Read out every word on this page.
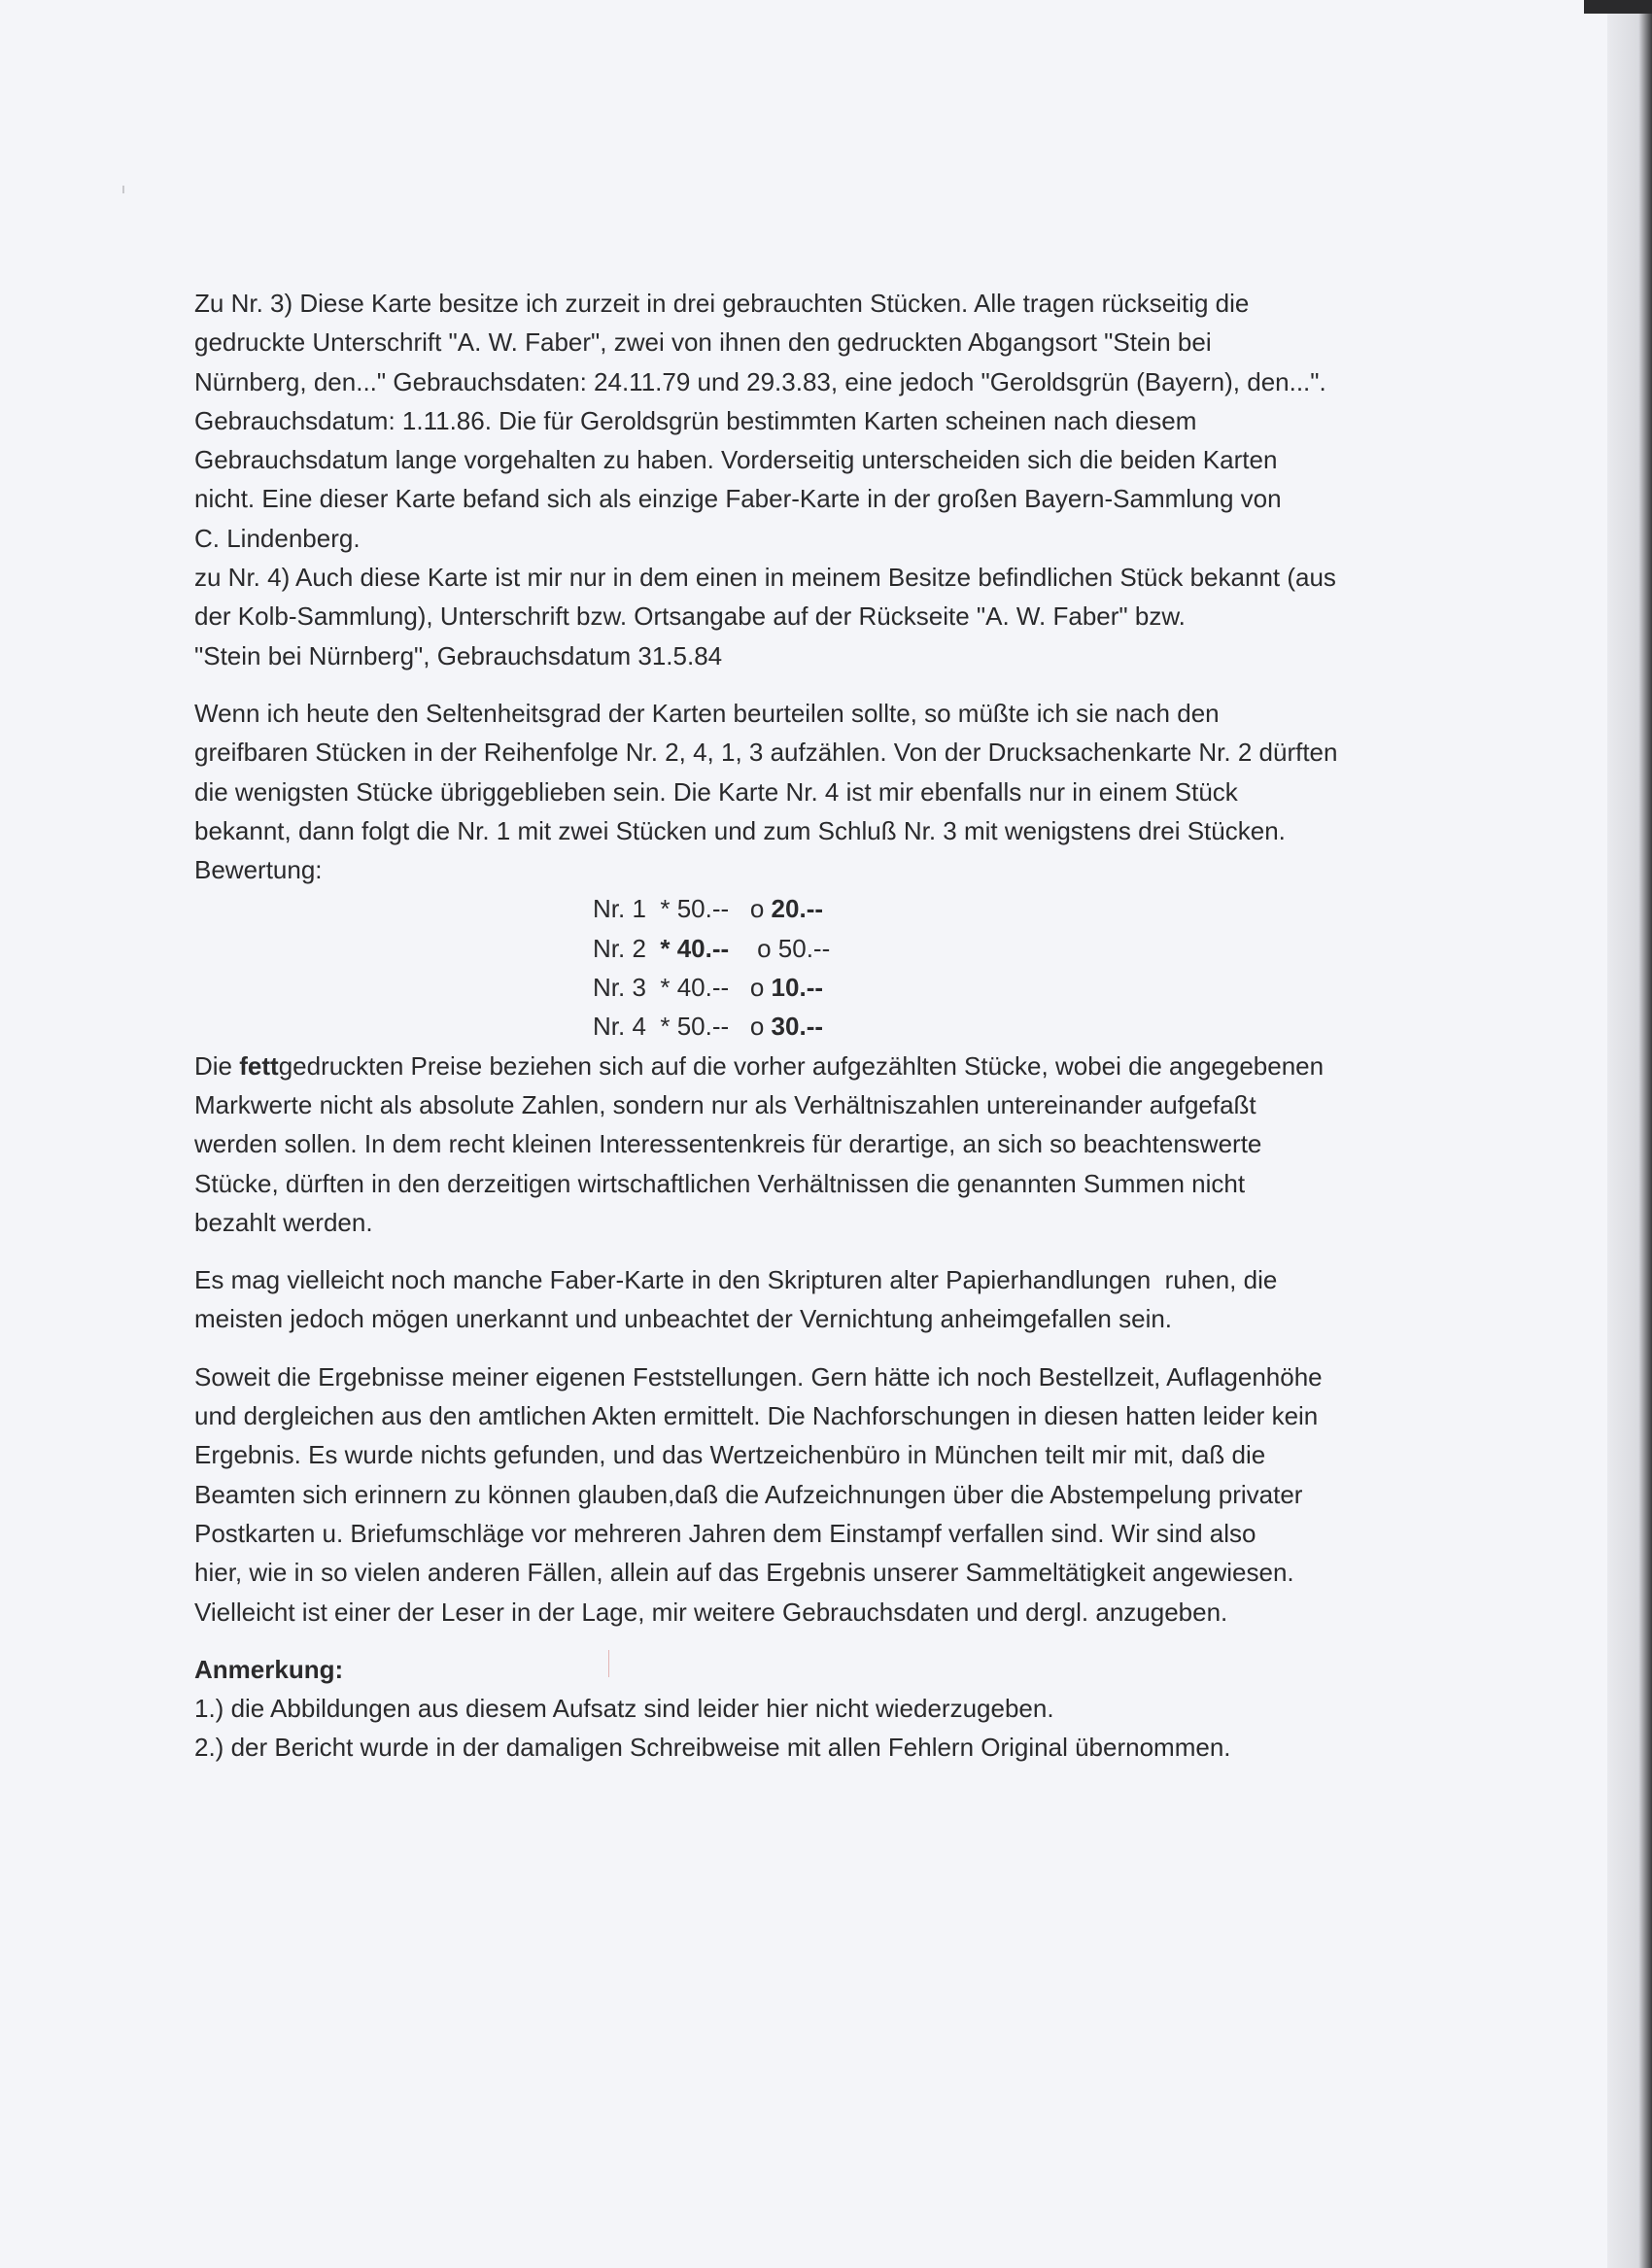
Zu Nr. 3) Diese Karte besitze ich zurzeit in drei gebrauchten Stücken. Alle tragen rückseitig die

gedruckte Unterschrift "A. W. Faber", zwei von ihnen den gedruckten Abgangsort "Stein bei

Nürnberg, den..." Gebrauchsdaten: 24.11.79 und 29.3.83, eine jedoch "Geroldsgrün (Bayern), den...".

Gebrauchsdatum: 1.11.86. Die für Geroldsgrün bestimmten Karten scheinen nach diesem

Gebrauchsdatum lange vorgehalten zu haben. Vorderseitig unterscheiden sich die beiden Karten

nicht. Eine dieser Karte befand sich als einzige Faber-Karte in der großen Bayern-Sammlung von

C. Lindenberg.

zu Nr. 4) Auch diese Karte ist mir nur in dem einen in meinem Besitze befindlichen Stück bekannt (aus

der Kolb-Sammlung), Unterschrift bzw. Ortsangabe auf der Rückseite "A. W. Faber" bzw.

"Stein bei Nürnberg", Gebrauchsdatum 31.5.84

Wenn ich heute den Seltenheitsgrad der Karten beurteilen sollte, so müßte ich sie nach den

greifbaren Stücken in der Reihenfolge Nr. 2, 4, 1, 3 aufzählen. Von der Drucksachenkarte Nr. 2 dürften

die wenigsten Stücke übriggeblieben sein. Die Karte Nr. 4 ist mir ebenfalls nur in einem Stück

bekannt, dann folgt die Nr. 1 mit zwei Stücken und zum Schluß Nr. 3 mit wenigstens drei Stücken.

Bewertung:

Nr. 1 * 50.-- o 20.--
Nr. 2 * 40.-- o 50.--
Nr. 3 * 40.-- o 10.--
Nr. 4 * 50.-- o 30.--

Die fettgedruckten Preise beziehen sich auf die vorher aufgezählten Stücke, wobei die angegebenen

Markwerte nicht als absolute Zahlen, sondern nur als Verhältniszahlen untereinander aufgefaßt

werden sollen. In dem recht kleinen Interessentenkreis für derartige, an sich so beachtenswerte

Stücke, dürften in den derzeitigen wirtschaftlichen Verhältnissen die genannten Summen nicht

bezahlt werden.

Es mag vielleicht noch manche Faber-Karte in den Skripturen alter Papierhandlungen  ruhen, die

meisten jedoch mögen unerkannt und unbeachtet der Vernichtung anheimgefallen sein.

Soweit die Ergebnisse meiner eigenen Feststellungen. Gern hätte ich noch Bestellzeit, Auflagenhöhe

und dergleichen aus den amtlichen Akten ermittelt. Die Nachforschungen in diesen hatten leider kein

Ergebnis. Es wurde nichts gefunden, und das Wertzeichenbüro in München teilt mir mit, daß die

Beamten sich erinnern zu können glauben,daß die Aufzeichnungen über die Abstempelung privater

Postkarten u. Briefumschläge vor mehreren Jahren dem Einstampf verfallen sind. Wir sind also

hier, wie in so vielen anderen Fällen, allein auf das Ergebnis unserer Sammeltätigkeit angewiesen.

Vielleicht ist einer der Leser in der Lage, mir weitere Gebrauchsdaten und dergl. anzugeben.

Anmerkung:

1.) die Abbildungen aus diesem Aufsatz sind leider hier nicht wiederzugeben.

2.) der Bericht wurde in der damaligen Schreibweise mit allen Fehlern Original übernommen.
